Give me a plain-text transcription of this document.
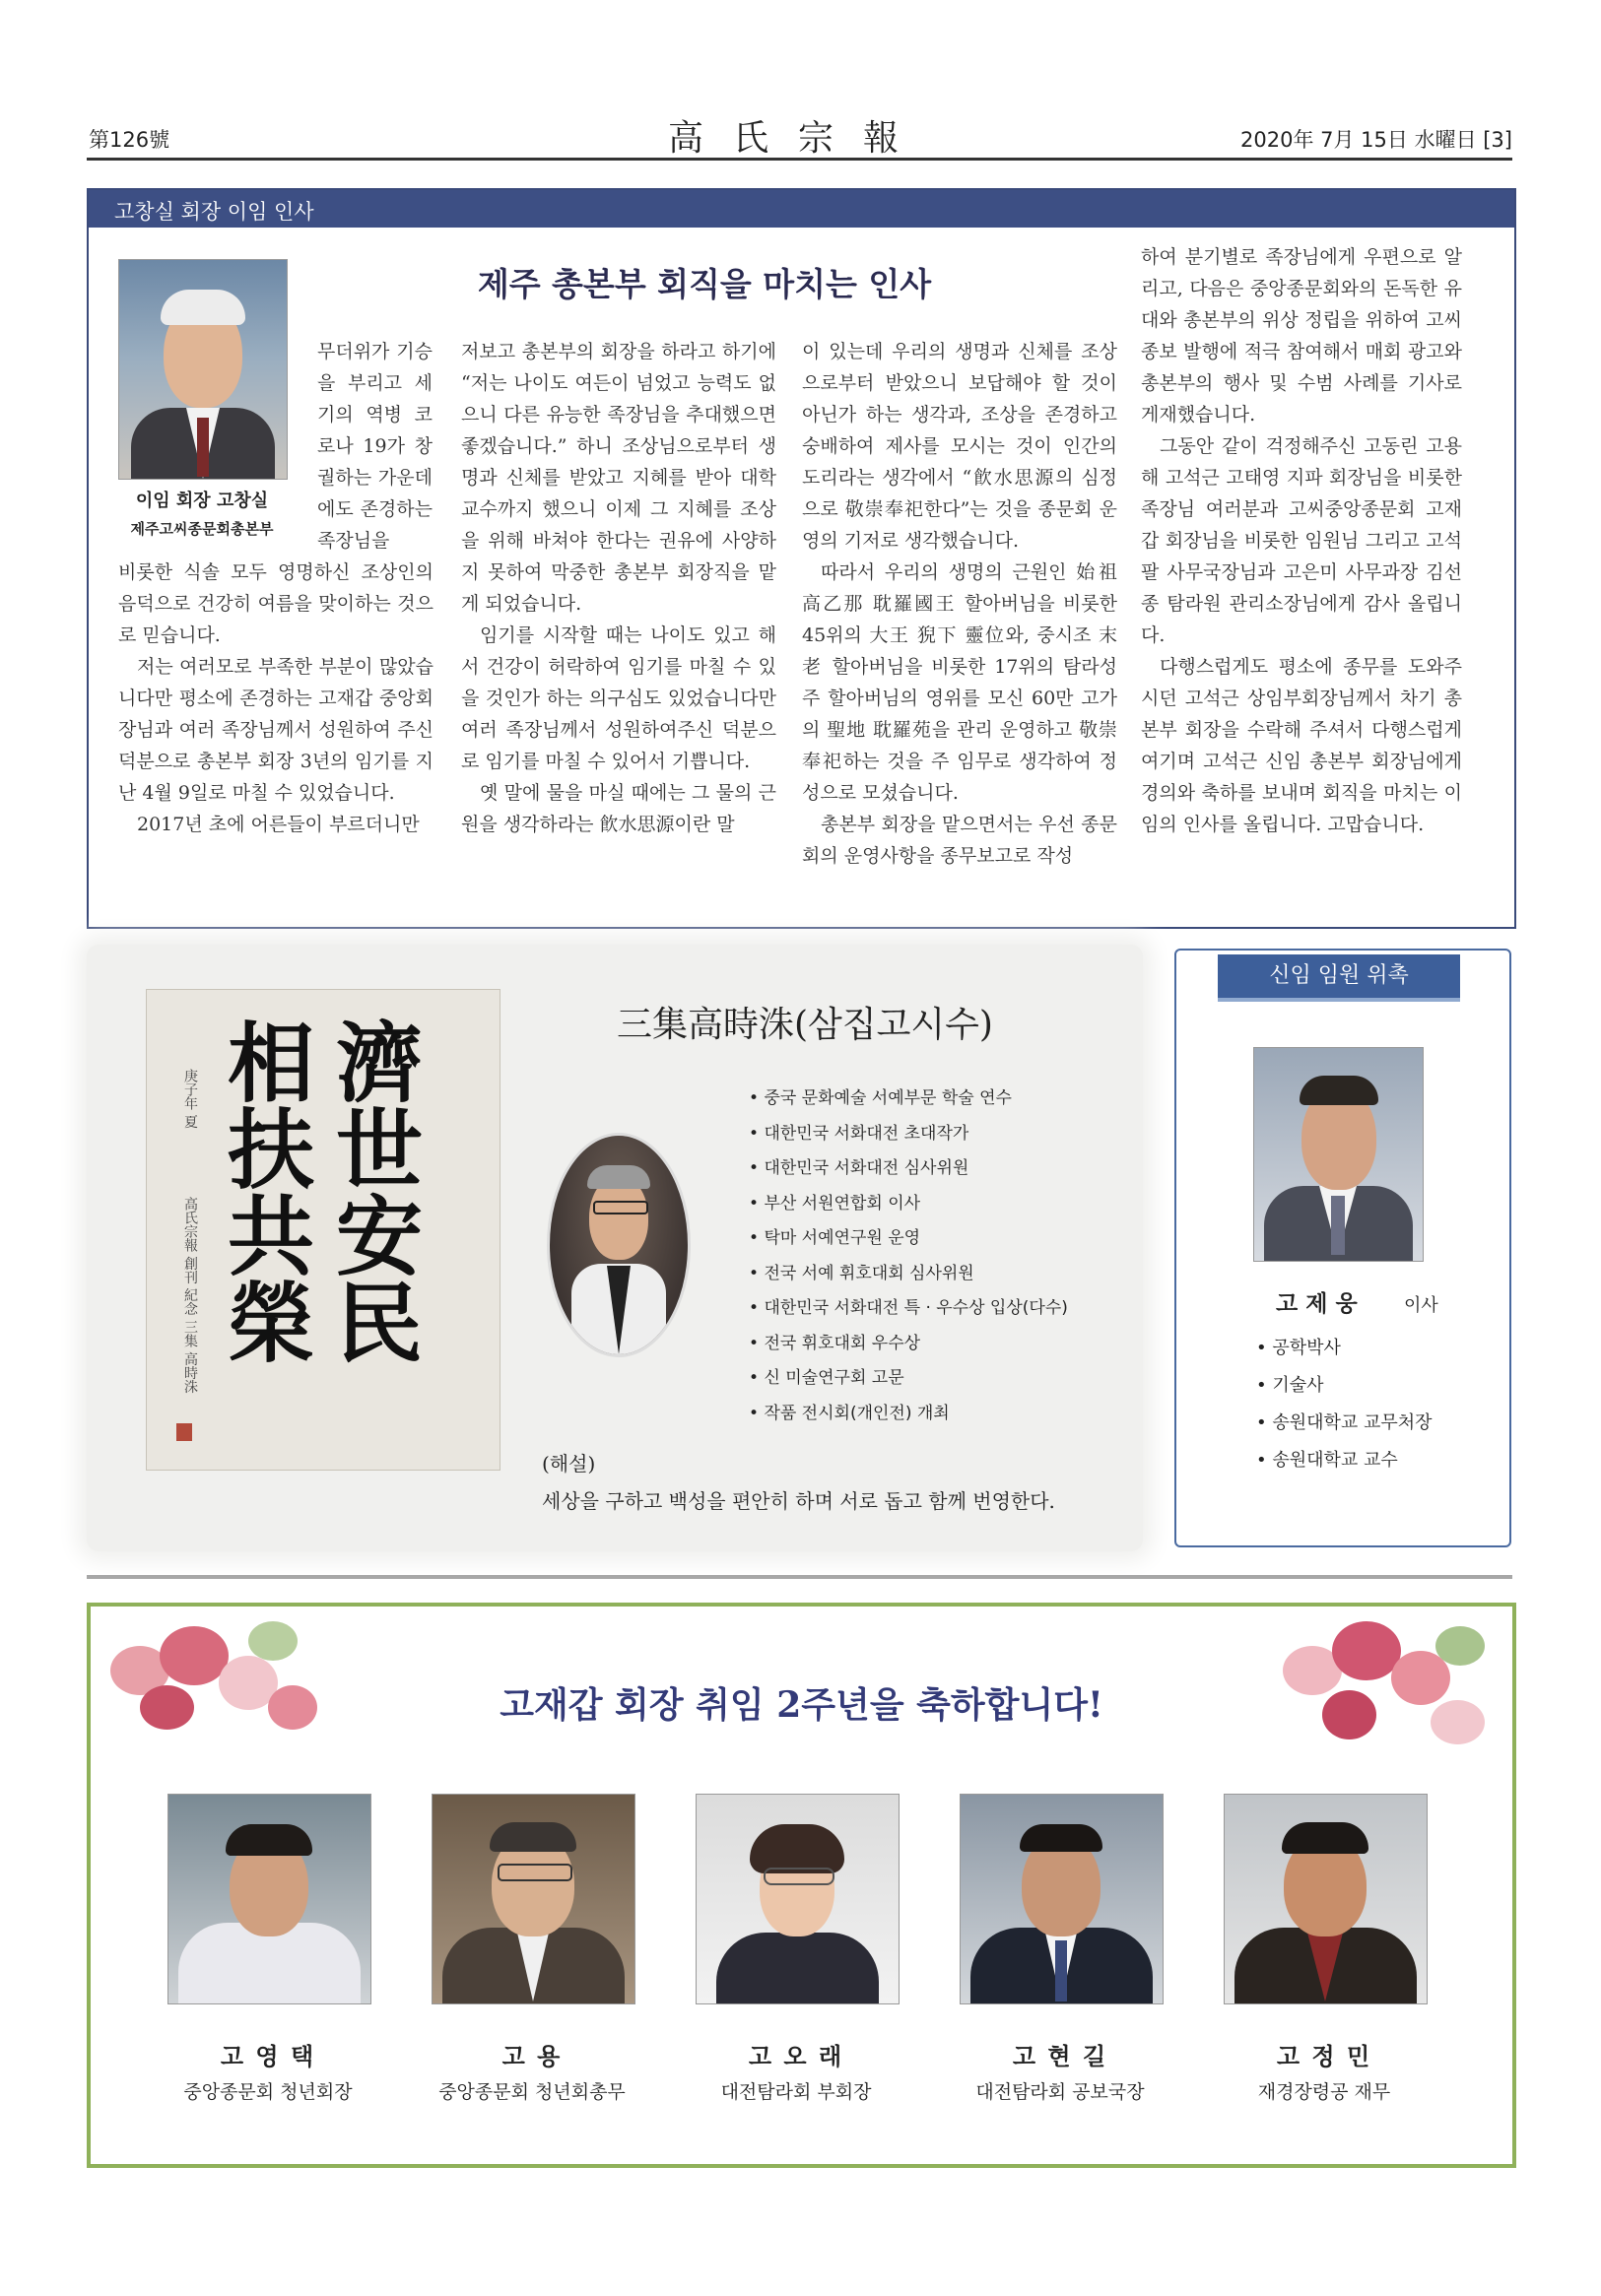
第126號	高氏宗報	2020年 7月 15日 水曜日 [3]
고창실 회장 이임 인사
이임 회장 고창실
제주고씨종문회총본부
제주 총본부 회직을 마치는 인사
무더위가 기승을 부리고 세기의 역병 코로나 19가 창궐하는 가운데에도 존경하는 족장님을

비롯한 식솔 모두 영명하신 조상인의 음덕으로 건강히 여름을 맞이하는 것으로 믿습니다.

저는 여러모로 부족한 부분이 많았습니다만 평소에 존경하는 고재갑 중앙회장님과 여러 족장님께서 성원하여 주신 덕분으로 총본부 회장 3년의 임기를 지난 4월 9일로 마칠 수 있었습니다.

2017년 초에 어른들이 부르더니만

저보고 총본부의 회장을 하라고 하기에 “저는 나이도 여든이 넘었고 능력도 없으니 다른 유능한 족장님을 추대했으면 좋겠습니다.” 하니 조상님으로부터 생명과 신체를 받았고 지혜를 받아 대학교수까지 했으니 이제 그 지혜를 조상을 위해 바쳐야 한다는 권유에 사양하지 못하여 막중한 총본부 회장직을 맡게 되었습니다.

임기를 시작할 때는 나이도 있고 해서 건강이 허락하여 임기를 마칠 수 있을 것인가 하는 의구심도 있었습니다만 여러 족장님께서 성원하여주신 덕분으로 임기를 마칠 수 있어서 기쁩니다.

옛 말에 물을 마실 때에는 그 물의 근원을 생각하라는 飮水思源이란 말

이 있는데 우리의 생명과 신체를 조상으로부터 받았으니 보답해야 할 것이 아닌가 하는 생각과, 조상을 존경하고 숭배하여 제사를 모시는 것이 인간의 도리라는 생각에서 “飮水思源의 심정으로 敬崇奉祀한다”는 것을 종문회 운영의 기저로 생각했습니다.

따라서 우리의 생명의 근원인 始祖 高乙那 耽羅國王 할아버님을 비롯한 45위의 大王 猊下 靈位와, 중시조 末老 할아버님을 비롯한 17위의 탐라성주 할아버님의 영위를 모신 60만 고가의 聖地 耽羅苑을 관리 운영하고 敬崇奉祀하는 것을 주 임무로 생각하여 정성으로 모셨습니다.

총본부 회장을 맡으면서는 우선 종문회의 운영사항을 종무보고로 작성

하여 분기별로 족장님에게 우편으로 알리고, 다음은 중앙종문회와의 돈독한 유대와 총본부의 위상 정립을 위하여 고씨종보 발행에 적극 참여해서 매회 광고와 총본부의 행사 및 수범 사례를 기사로 게재했습니다.

그동안 같이 걱정해주신 고동린 고용해 고석근 고태영 지파 회장님을 비롯한 족장님 여러분과 고씨중앙종문회 고재갑 회장님을 비롯한 임원님 그리고 고석팔 사무국장님과 고은미 사무과장 김선종 탐라원 관리소장님에게 감사 올립니다.

다행스럽게도 평소에 종무를 도와주시던 고석근 상임부회장님께서 차기 총본부 회장을 수락해 주셔서 다행스럽게 여기며 고석근 신임 총본부 회장님에게 경의와 축하를 보내며 회직을 마치는 이임의 인사를 올립니다. 고맙습니다.

濟世安民
相扶共榮
庚子年 夏
高氏宗報 創刊 紀念 三集 高時洙
三集高時洙(삼집고시수)
• 중국 문화예술 서예부문 학술 연수
• 대한민국 서화대전 초대작가
• 대한민국 서화대전 심사위원
• 부산 서원연합회 이사
• 탁마 서예연구원 운영
• 전국 서예 휘호대회 심사위원
• 대한민국 서화대전 특 · 우수상 입상(다수)
• 전국 휘호대회 우수상
• 신 미술연구회 고문
• 작품 전시회(개인전) 개최
(해설)
세상을 구하고 백성을 편안히 하며 서로 돕고 함께 번영한다.
신임 임원 위촉
고 제 웅	이사
• 공학박사
• 기술사
• 송원대학교 교무처장
• 송원대학교 교수
고재갑 회장 취임 2주년을 축하합니다!
고 영 택
중앙종문회 청년회장
고 용
중앙종문회 청년회총무
고 오 래
대전탐라회 부회장
고 현 길
대전탐라회 공보국장
고 정 민
재경장령공 재무
